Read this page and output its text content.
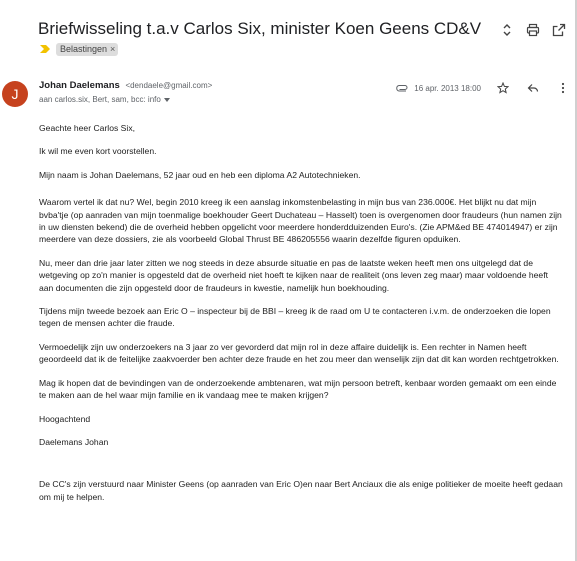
Briefwisseling t.a.v Carlos Six, minister Koen Geens CD&V
Belastingen ×
J
Johan Daelemans <dendaele@gmail.com>
aan carlos.six, Bert, sam, bcc: info
16 apr. 2013 18:00

Geachte heer Carlos Six,

Ik wil me even kort voorstellen.

Mijn naam is Johan Daelemans, 52 jaar oud en heb een diploma A2 Autotechnieken.

Waarom vertel ik dat nu? Wel, begin 2010 kreeg ik een aanslag inkomstenbelasting in mijn bus van 236.000€. Het blijkt nu dat mijn bvba'tje (op aanraden van mijn toenmalige boekhouder Geert Duchateau – Hasselt) toen is overgenomen door fraudeurs (hun namen zijn in uw diensten bekend) die de overheid hebben opgelicht voor meerdere honderdduizenden Euro's. (Zie APM&ed BE 474014947) er zijn meerdere van deze dossiers, zie als voorbeeld Global Thrust BE 486205556 waarin dezelfde figuren opduiken.

Nu, meer dan drie jaar later zitten we nog steeds in deze absurde situatie en pas de laatste weken heeft men ons uitgelegd dat de wetgeving op zo'n manier is opgesteld dat de overheid niet hoeft te kijken naar de realiteit (ons leven zeg maar) maar voldoende heeft aan documenten die zijn opgesteld door de fraudeurs in kwestie, namelijk hun boekhouding.

Tijdens mijn tweede bezoek aan Eric O – inspecteur bij de BBI – kreeg ik de raad om U te contacteren i.v.m. de onderzoeken die lopen tegen de mensen achter die fraude.

Vermoedelijk zijn uw onderzoekers na 3 jaar zo ver gevorderd dat mijn rol in deze affaire duidelijk is. Een rechter in Namen heeft geoordeeld dat ik de feitelijke zaakvoerder ben achter deze fraude en het zou meer dan wenselijk zijn dat dit kan worden rechtgetrokken.

Mag ik hopen dat de bevindingen van de onderzoekende ambtenaren, wat mijn persoon betreft, kenbaar worden gemaakt om een einde te maken aan de hel waar mijn familie en ik vandaag mee te maken krijgen?

Hoogachtend

Daelemans Johan

De CC's zijn verstuurd naar Minister Geens (op aanraden van Eric O)en naar Bert Anciaux die als enige politieker de moeite heeft gedaan om mij te helpen.
